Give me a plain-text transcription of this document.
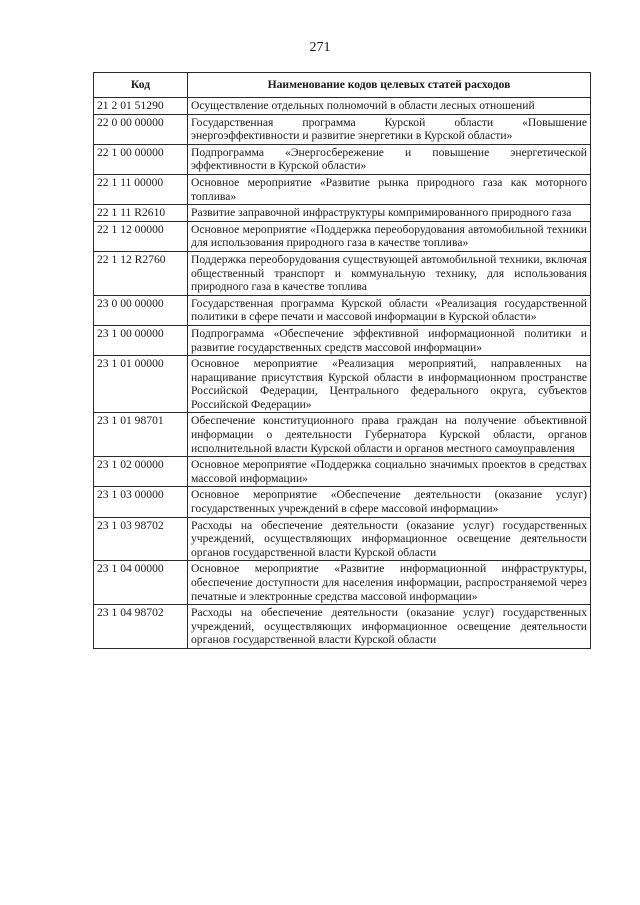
271
Код	Наименование кодов целевых статей расходов
21 2 01 51290	Осуществление отдельных полномочий в области лесных отношений
22 0 00 00000	Государственная программа Курской области «Повышение энергоэффективности и развитие энергетики в Курской области»
22 1 00 00000	Подпрограмма «Энергосбережение и повышение энергетической эффективности в Курской области»
22 1 11 00000	Основное мероприятие «Развитие рынка природного газа как моторного топлива»
22 1 11 R2610	Развитие заправочной инфраструктуры компримированного природного газа
22 1 12 00000	Основное мероприятие «Поддержка переоборудования автомобильной техники для использования природного газа в качестве топлива»
22 1 12 R2760	Поддержка переоборудования существующей автомобильной техники, включая общественный транспорт и коммунальную технику, для использования природного газа в качестве топлива
23 0 00 00000	Государственная программа Курской области «Реализация государственной политики в сфере печати и массовой информации в Курской области»
23 1 00 00000	Подпрограмма «Обеспечение эффективной информационной политики и развитие государственных средств массовой информации»
23 1 01 00000	Основное мероприятие «Реализация мероприятий, направленных на наращивание присутствия Курской области в информационном пространстве Российской Федерации, Центрального федерального округа, субъектов Российской Федерации»
23 1 01 98701	Обеспечение конституционного права граждан на получение объективной информации о деятельности Губернатора Курской области, органов исполнительной власти Курской области и органов местного самоуправления
23 1 02 00000	Основное мероприятие «Поддержка социально значимых проектов в средствах массовой информации»
23 1 03 00000	Основное мероприятие «Обеспечение деятельности (оказание услуг) государственных учреждений в сфере массовой информации»
23 1 03 98702	Расходы на обеспечение деятельности (оказание услуг) государственных учреждений, осуществляющих информационное освещение деятельности органов государственной власти Курской области
23 1 04 00000	Основное мероприятие «Развитие информационной инфраструктуры, обеспечение доступности для населения информации, распространяемой через печатные и электронные средства массовой информации»
23 1 04 98702	Расходы на обеспечение деятельности (оказание услуг) государственных учреждений, осуществляющих информационное освещение деятельности органов государственной власти Курской области
